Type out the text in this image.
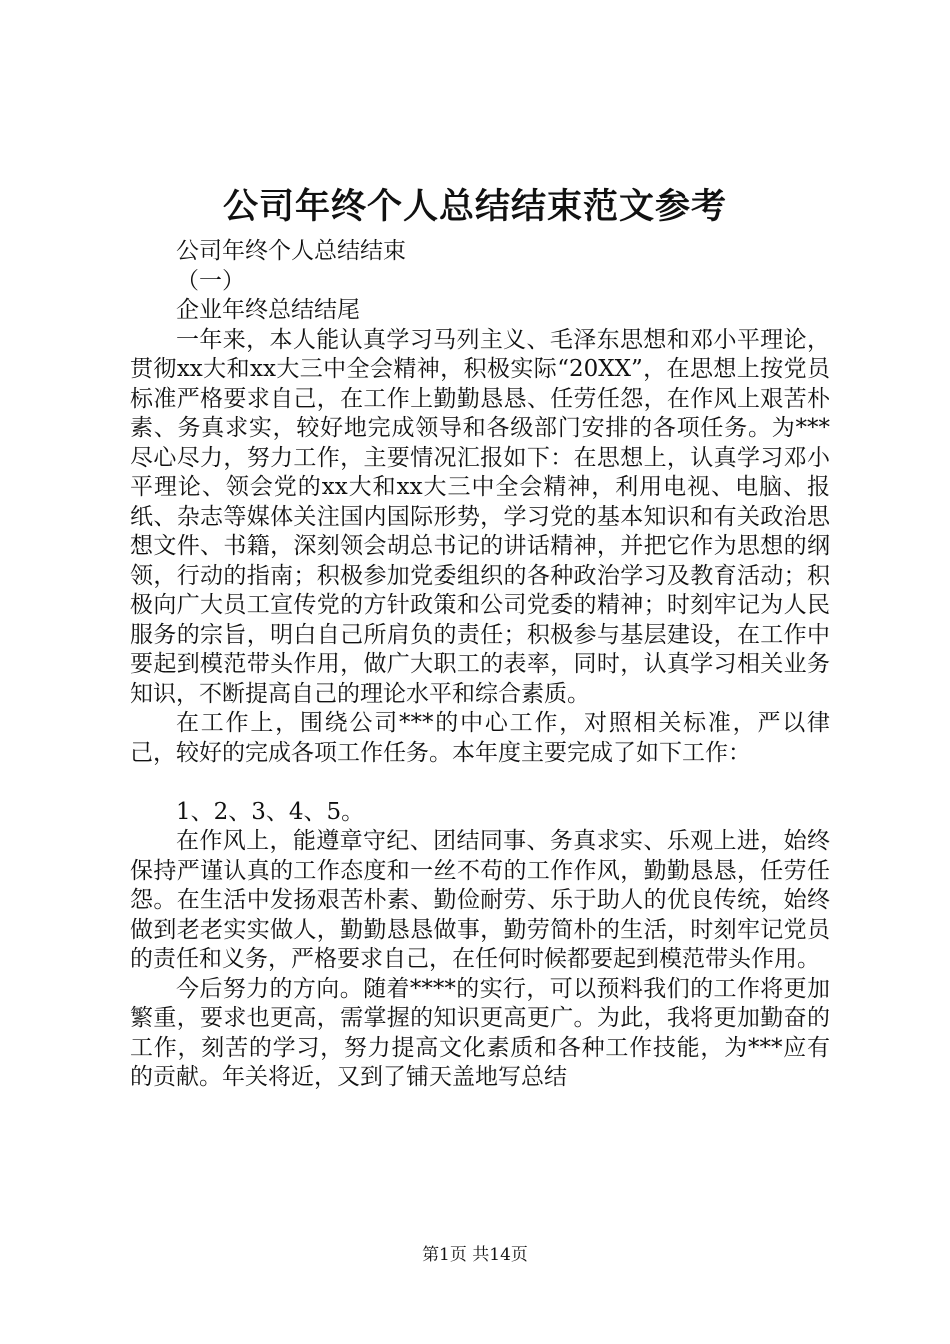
公司年终个人总结结束范文参考

公司年终个人总结结束

（一）

企业年终总结结尾

一年来，本人能认真学习马列主义、毛泽东思想和邓小平理论，贯彻xx大和xx大三中全会精神，积极实际“20XX”，在思想上按党员标准严格要求自己，在工作上勤勤恳恳、任劳任怨，在作风上艰苦朴素、务真求实，较好地完成领导和各级部门安排的各项任务。为***尽心尽力，努力工作，主要情况汇报如下：在思想上，认真学习邓小平理论、领会党的xx大和xx大三中全会精神，利用电视、电脑、报纸、杂志等媒体关注国内国际形势，学习党的基本知识和有关政治思想文件、书籍，深刻领会胡总书记的讲话精神，并把它作为思想的纲领，行动的指南；积极参加党委组织的各种政治学习及教育活动；积极向广大员工宣传党的方针政策和公司党委的精神；时刻牢记为人民服务的宗旨，明白自己所肩负的责任；积极参与基层建设，在工作中要起到模范带头作用，做广大职工的表率，同时，认真学习相关业务知识，不断提高自己的理论水平和综合素质。

在工作上，围绕公司***的中心工作，对照相关标准，严以律己，较好的完成各项工作任务。本年度主要完成了如下工作：

1、2、3、4、5。

在作风上，能遵章守纪、团结同事、务真求实、乐观上进，始终保持严谨认真的工作态度和一丝不苟的工作作风，勤勤恳恳，任劳任怨。在生活中发扬艰苦朴素、勤俭耐劳、乐于助人的优良传统，始终做到老老实实做人，勤勤恳恳做事，勤劳简朴的生活，时刻牢记党员的责任和义务，严格要求自己，在任何时候都要起到模范带头作用。

今后努力的方向。随着****的实行，可以预料我们的工作将更加繁重，要求也更高，需掌握的知识更高更广。为此，我将更加勤奋的工作，刻苦的学习，努力提高文化素质和各种工作技能，为***应有的贡献。年关将近，又到了铺天盖地写总结

第1页 共14页
